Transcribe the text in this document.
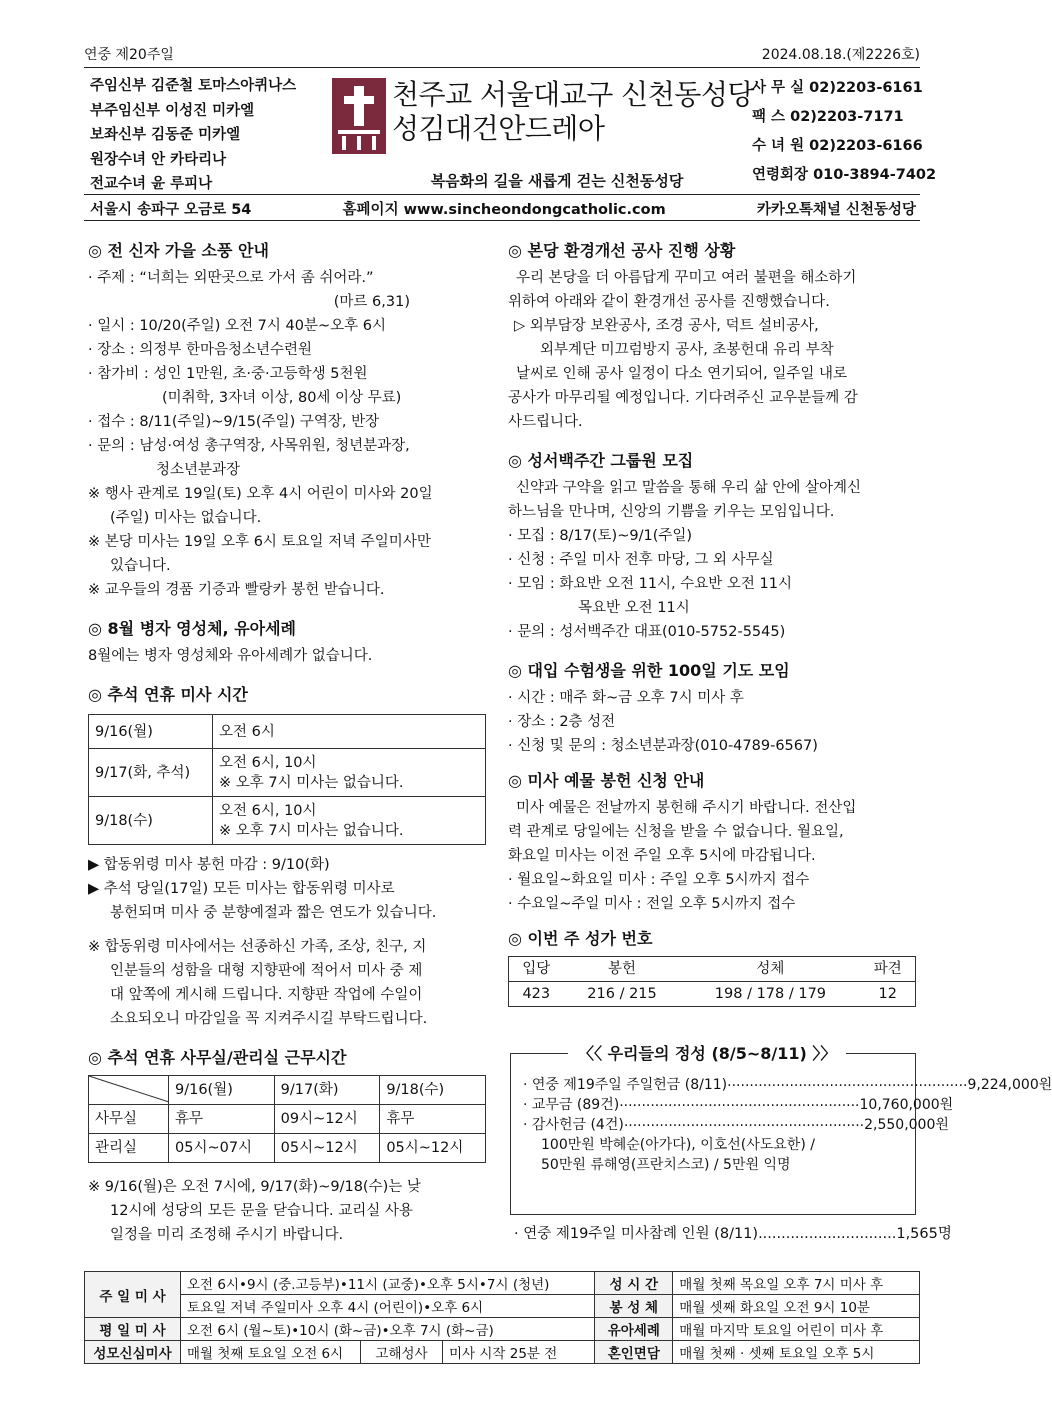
연중 제20주일	2024.08.18.(제2226호)
주임신부 김준철 토마스아퀴나스
부주임신부 이성진 미카엘
보좌신부 김동준 미카엘
원장수녀 안 카타리나
전교수녀 윤 루피나
천주교 서울대교구 신천동성당
성김대건안드레아
복음화의 길을 새롭게 걷는 신천동성당
사 무 실 02)2203-6161
팩 스 02)2203-7171
수 녀 원 02)2203-6166
연령회장 010-3894-7402
서울시 송파구 오금로 54	홈페이지 www.sincheondongcatholic.com	카카오톡채널 신천동성당
◎ 전 신자 가을 소풍 안내
· 주제 : “너희는 외딴곳으로 가서 좀 쉬어라.”
(마르 6,31)
· 일시 : 10/20(주일) 오전 7시 40분~오후 6시
· 장소 : 의정부 한마음청소년수련원
· 참가비 : 성인 1만원, 초·중·고등학생 5천원
(미취학, 3자녀 이상, 80세 이상 무료)
· 접수 : 8/11(주일)~9/15(주일) 구역장, 반장
· 문의 : 남성·여성 총구역장, 사목위원, 청년분과장,
청소년분과장
※ 행사 관계로 19일(토) 오후 4시 어린이 미사와 20일
(주일) 미사는 없습니다.
※ 본당 미사는 19일 오후 6시 토요일 저녁 주일미사만
있습니다.
※ 교우들의 경품 기증과 빨랑카 봉헌 받습니다.
◎ 8월 병자 영성체, 유아세례
8월에는 병자 영성체와 유아세례가 없습니다.
◎ 추석 연휴 미사 시간
9/16(월)	오전 6시
9/17(화, 추석)	오전 6시, 10시
※ 오후 7시 미사는 없습니다.

9/18(수)	오전 6시, 10시
※ 오후 7시 미사는 없습니다.
▶ 합동위령 미사 봉헌 마감 : 9/10(화)
▶ 추석 당일(17일) 모든 미사는 합동위령 미사로
봉헌되며 미사 중 분향예절과 짧은 연도가 있습니다.
※ 합동위령 미사에서는 선종하신 가족, 조상, 친구, 지
인분들의 성함을 대형 지향판에 적어서 미사 중 제
대 앞쪽에 게시해 드립니다. 지향판 작업에 수일이
소요되오니 마감일을 꼭 지켜주시길 부탁드립니다.
◎ 추석 연휴 사무실/관리실 근무시간
	9/16(월)	9/17(화)	9/18(수)
사무실	휴무	09시~12시	휴무
관리실	05시~07시	05시~12시	05시~12시
※ 9/16(월)은 오전 7시에, 9/17(화)~9/18(수)는 낮
12시에 성당의 모든 문을 닫습니다. 교리실 사용
일정을 미리 조정해 주시기 바랍니다.
◎ 본당 환경개선 공사 진행 상황
우리 본당을 더 아름답게 꾸미고 여러 불편을 해소하기
위하여 아래와 같이 환경개선 공사를 진행했습니다.
▷ 외부담장 보완공사, 조경 공사, 덕트 설비공사,
외부계단 미끄럼방지 공사, 초봉헌대 유리 부착
날씨로 인해 공사 일정이 다소 연기되어, 일주일 내로
공사가 마무리될 예정입니다. 기다려주신 교우분들께 감
사드립니다.
◎ 성서백주간 그룹원 모집
신약과 구약을 읽고 말씀을 통해 우리 삶 안에 살아계신
하느님을 만나며, 신앙의 기쁨을 키우는 모임입니다.
· 모집 : 8/17(토)~9/1(주일)
· 신청 : 주일 미사 전후 마당, 그 외 사무실
· 모임 : 화요반 오전 11시, 수요반 오전 11시
목요반 오전 11시
· 문의 : 성서백주간 대표(010-5752-5545)
◎ 대입 수험생을 위한 100일 기도 모임
· 시간 : 매주 화~금 오후 7시 미사 후
· 장소 : 2층 성전
· 신청 및 문의 : 청소년분과장(010-4789-6567)
◎ 미사 예물 봉헌 신청 안내
미사 예물은 전날까지 봉헌해 주시기 바랍니다. 전산입
력 관계로 당일에는 신청을 받을 수 없습니다. 월요일,
화요일 미사는 이전 주일 오후 5시에 마감됩니다.
· 월요일~화요일 미사 : 주일 오후 5시까지 접수
· 수요일~주일 미사 : 전일 오후 5시까지 접수
◎ 이번 주 성가 번호
입당	봉헌	성체	파견
423	216 / 215	198 / 178 / 179	12
· 연중 제19주일 주일헌금 (8/11) ...................................................... 9,224,000원
· 교무금 (89건) ...................................................... 10,760,000원
· 감사헌금 (4건) ...................................................... 2,550,000원
100만원 박혜순(아가다), 이호선(사도요한) /
50만원 류해영(프란치스코) / 5만원 익명
〈〈 우리들의 정성 (8/5~8/11) 〉〉
· 연중 제19주일 미사참례 인원 (8/11) .............................. 1,565명
주 일 미 사	오전 6시•9시 (중.고등부)•11시 (교중)•오후 5시•7시 (청년)			성 시 간	매월 첫째 목요일 오후 7시 미사 후
	토요일 저녁 주일미사 오후 4시 (어린이)•오후 6시			봉 성 체	매월 셋째 화요일 오전 9시 10분
평 일 미 사	오전 6시 (월~토)•10시 (화~금)•오후 7시 (화~금)			유아세례	매월 마지막 토요일 어린이 미사 후
성모신심미사	매월 첫째 토요일 오전 6시	고해성사	미사 시작 25분 전	혼인면담	매월 첫째 · 셋째 토요일 오후 5시
